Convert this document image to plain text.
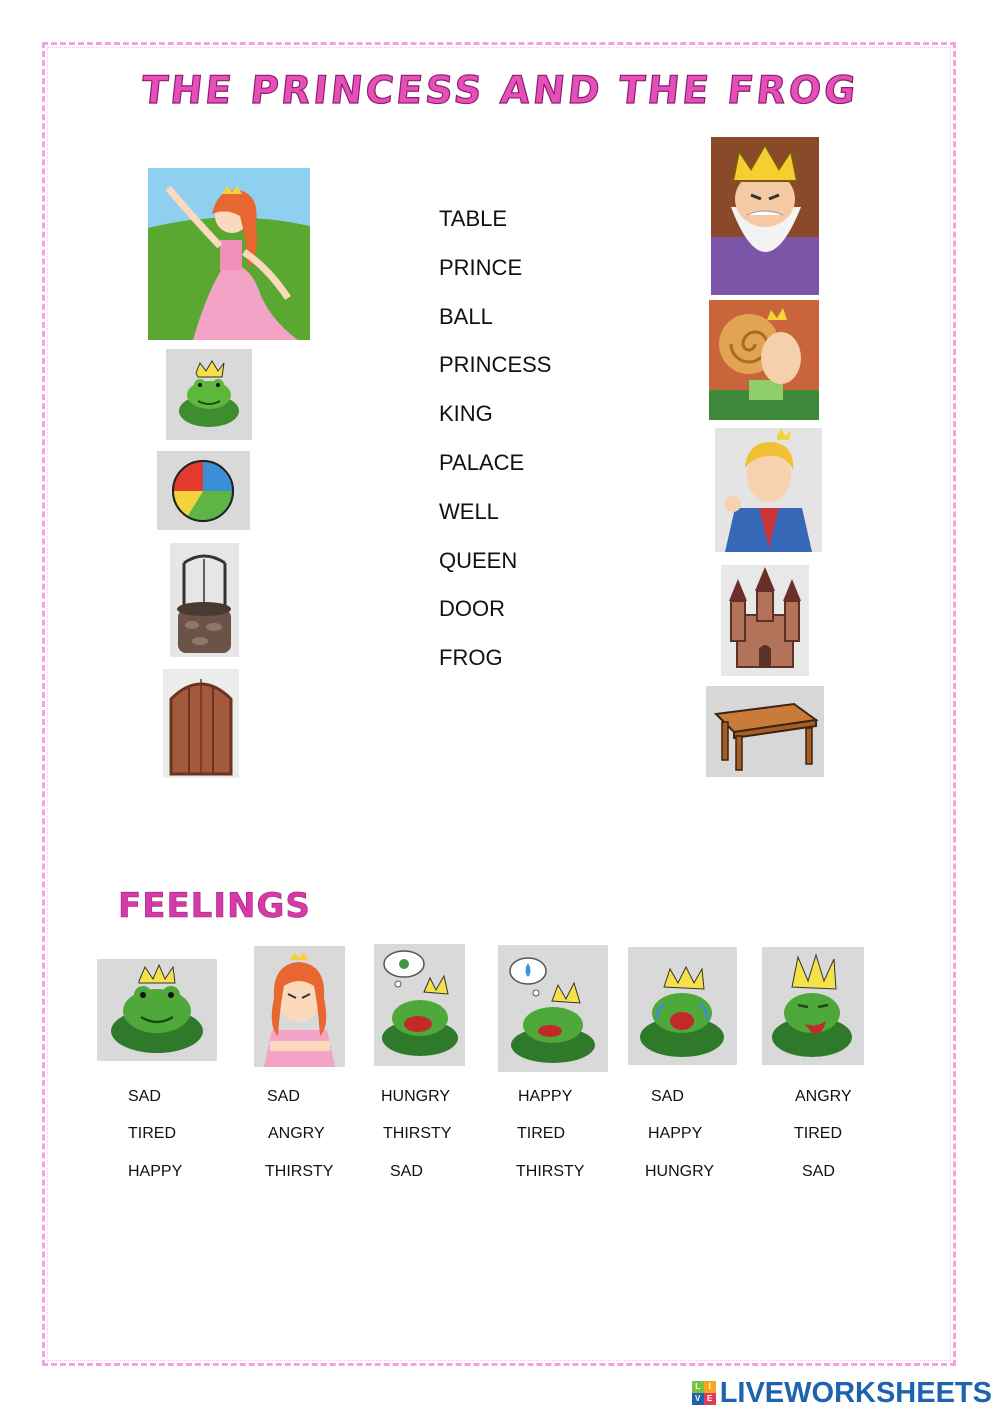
THE PRINCESS AND THE FROG
TABLE
PRINCE
BALL
PRINCESS
KING
PALACE
WELL
QUEEN
DOOR
FROG
FEELINGS
SAD
TIRED
HAPPY
SAD
ANGRY
THIRSTY
HUNGRY
THIRSTY
SAD
HAPPY
TIRED
THIRSTY
SAD
HAPPY
HUNGRY
ANGRY
TIRED
SAD
L	I
V E LIVEWORKSHEETS
